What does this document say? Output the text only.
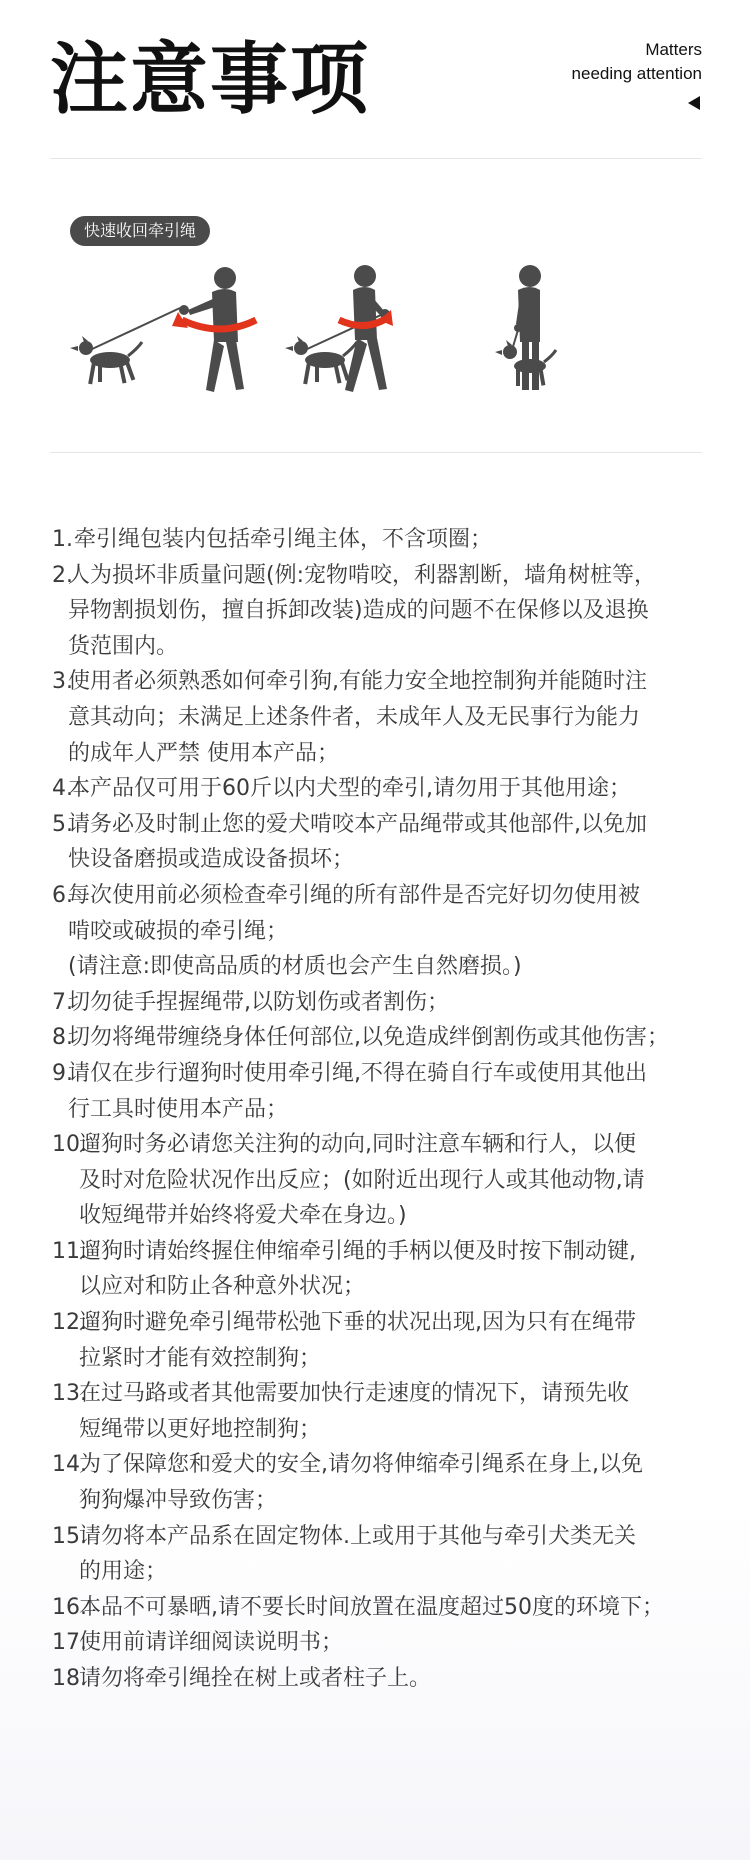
注意事项	Matters
needing attention
快速收回牵引绳
1. 牵引绳包装内包括牵引绳主体，不含项圈；
2.
人为损坏非质量问题(例:宠物啃咬，利器割断，墙角树桩等，
异物割损划伤，擅自拆卸改装)造成的问题不在保修以及退换
货范围内。
3.
使用者必须熟悉如何牵引狗,有能力安全地控制狗并能随时注
意其动向；未满足上述条件者，未成年人及无民事行为能力
的成年人严禁 使用本产品；
4.
本产品仅可用于60斤以内犬型的牵引,请勿用于其他用途；
5.
请务必及时制止您的爱犬啃咬本产品绳带或其他部件,以免加
快设备磨损或造成设备损坏；
6.
每次使用前必须检查牵引绳的所有部件是否完好切勿使用被
啃咬或破损的牵引绳；
(请注意:即使高品质的材质也会产生自然磨损。)
7.
切勿徒手捏握绳带,以防划伤或者割伤；
8.
切勿将绳带缠绕身体任何部位,以免造成绊倒割伤或其他伤害；
9.
请仅在步行遛狗时使用牵引绳,不得在骑自行车或使用其他出
行工具时使用本产品；
10.
遛狗时务必请您关注狗的动向,同时注意车辆和行人，以便
及时对危险状况作出反应；(如附近出现行人或其他动物,请
收短绳带并始终将爱犬牵在身边。)
11.
遛狗时请始终握住伸缩牵引绳的手柄以便及时按下制动键,
以应对和防止各种意外状况；
12.
遛狗时避免牵引绳带松弛下垂的状况出现,因为只有在绳带
拉紧时才能有效控制狗；
13.
在过马路或者其他需要加快行走速度的情况下，请预先收
短绳带以更好地控制狗；
14.
为了保障您和爱犬的安全,请勿将伸缩牵引绳系在身上,以免
狗狗爆冲导致伤害；
15.
请勿将本产品系在固定物体.上或用于其他与牵引犬类无关
的用途；
16.
本品不可暴晒,请不要长时间放置在温度超过50度的环境下；
17.
使用前请详细阅读说明书；
18.
请勿将牵引绳拴在树上或者柱子上。
